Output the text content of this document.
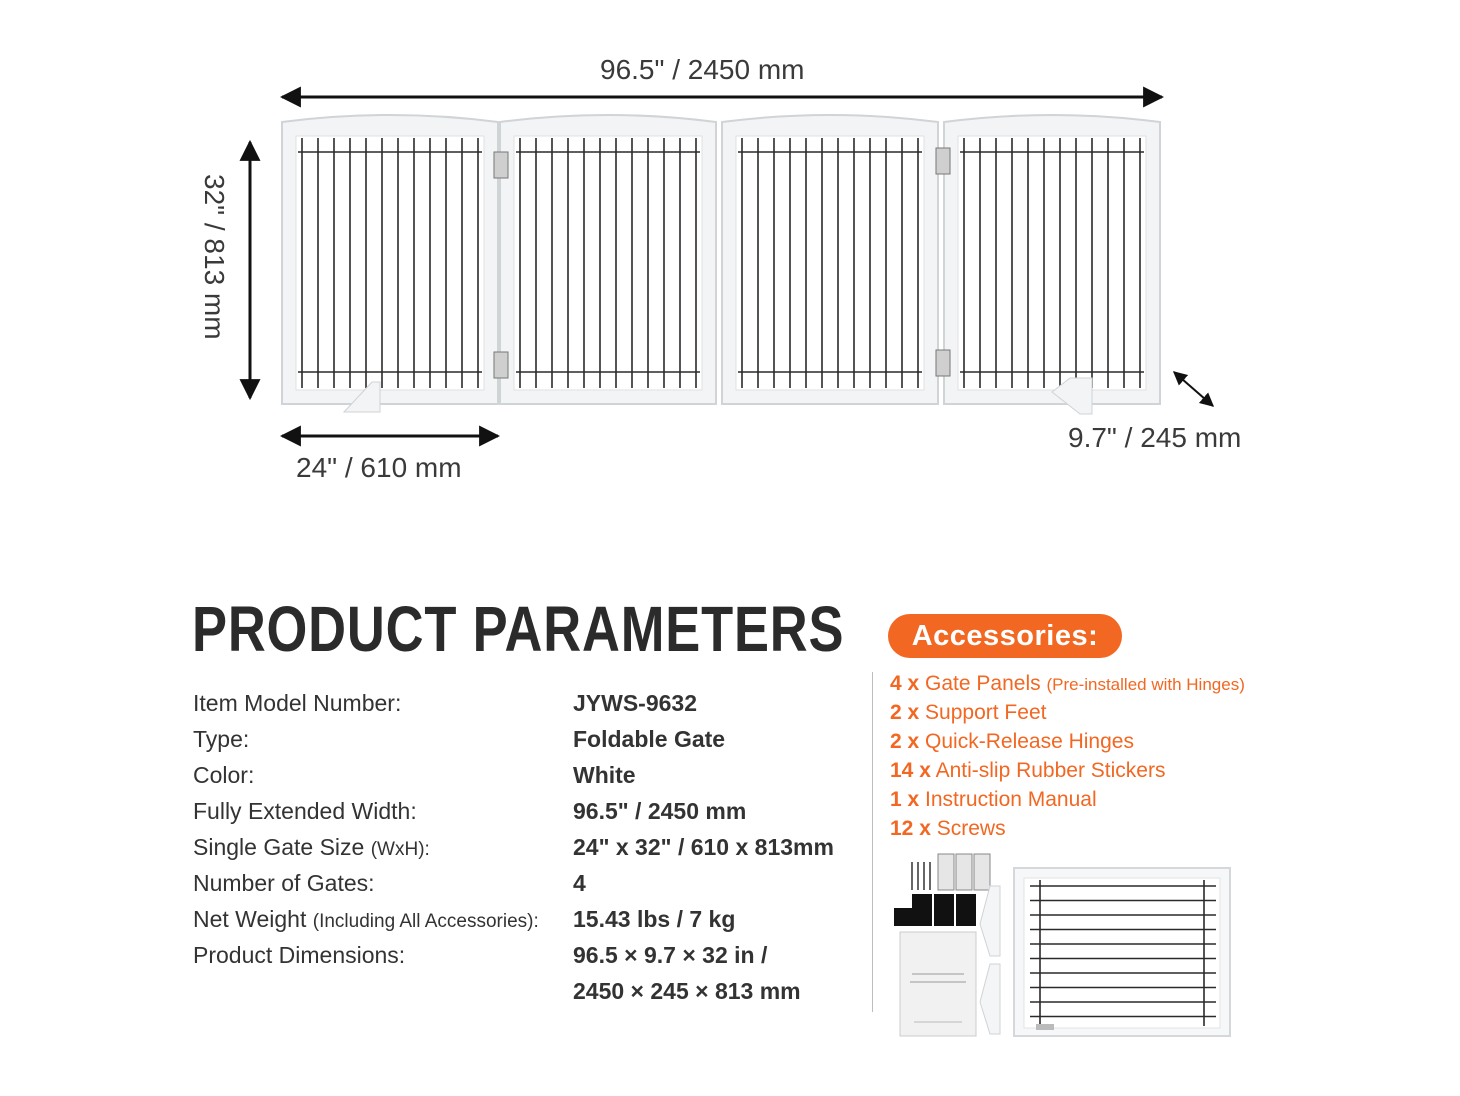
96.5" / 2450 mm
32" / 813 mm
24" / 610 mm
9.7" / 245 mm
PRODUCT PARAMETERS
Item Model Number:	JYWS-9632
Type:	Foldable Gate
Color:	White
Fully Extended Width:	96.5" / 2450 mm
Single Gate Size (WxH):	24" x 32" / 610 x 813mm
Number of Gates:	4
Net Weight (Including All Accessories): 15.43 lbs / 7 kg
Product Dimensions:	96.5 × 9.7 × 32 in /
2450 × 245 × 813 mm
Accessories:
4 x Gate Panels (Pre-installed with Hinges)
2 x Support Feet
2 x Quick-Release Hinges
14 x Anti-slip Rubber Stickers
1 x Instruction Manual
12 x Screws
